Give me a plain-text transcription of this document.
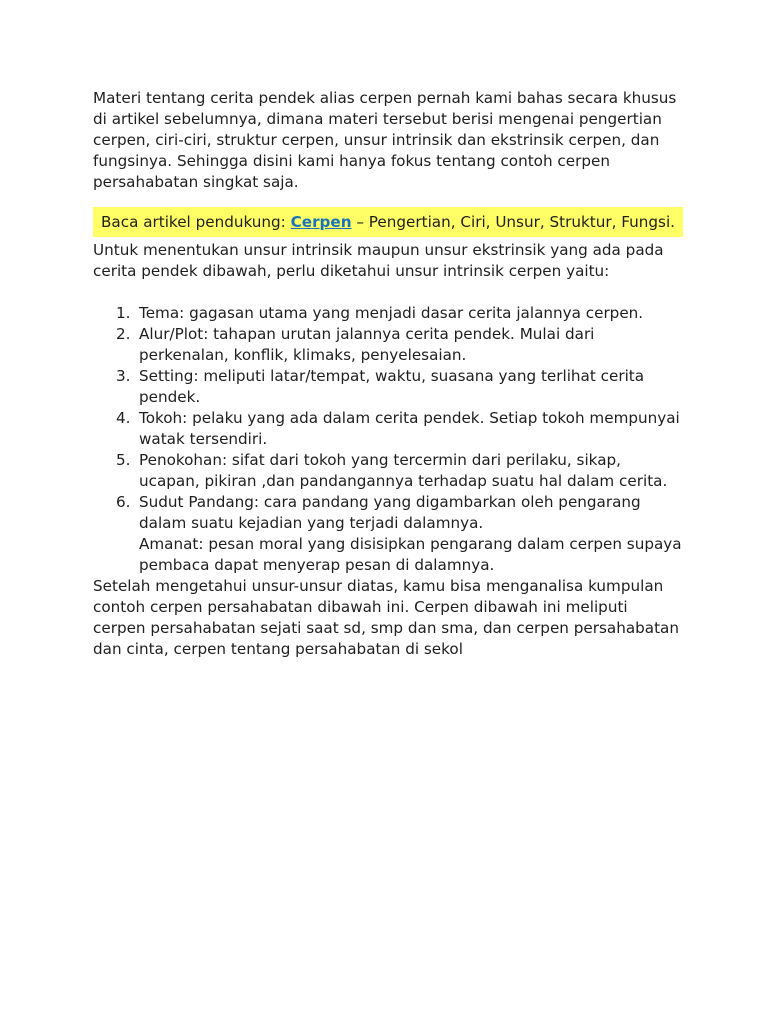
Materi tentang cerita pendek alias cerpen pernah kami bahas secara khusus di artikel sebelumnya, dimana materi tersebut berisi mengenai pengertian cerpen, ciri-ciri, struktur cerpen, unsur intrinsik dan ekstrinsik cerpen, dan fungsinya. Sehingga disini kami hanya fokus tentang contoh cerpen persahabatan singkat saja.

Baca artikel pendukung: Cerpen – Pengertian, Ciri, Unsur, Struktur, Fungsi.

Untuk menentukan unsur intrinsik maupun unsur ekstrinsik yang ada pada cerita pendek dibawah, perlu diketahui unsur intrinsik cerpen yaitu:

1. Tema: gagasan utama yang menjadi dasar cerita jalannya cerpen.
2. Alur/Plot: tahapan urutan jalannya cerita pendek. Mulai dari perkenalan, konflik, klimaks, penyelesaian.
3. Setting: meliputi latar/tempat, waktu, suasana yang terlihat cerita pendek.
4. Tokoh: pelaku yang ada dalam cerita pendek. Setiap tokoh mempunyai watak tersendiri.
5. Penokohan: sifat dari tokoh yang tercermin dari perilaku, sikap, ucapan, pikiran ,dan pandangannya terhadap suatu hal dalam cerita.
6. Sudut Pandang: cara pandang yang digambarkan oleh pengarang dalam suatu kejadian yang terjadi dalamnya.
Amanat: pesan moral yang disisipkan pengarang dalam cerpen supaya pembaca dapat menyerap pesan di dalamnya.

Setelah mengetahui unsur-unsur diatas, kamu bisa menganalisa kumpulan contoh cerpen persahabatan dibawah ini. Cerpen dibawah ini meliputi cerpen persahabatan sejati saat sd, smp dan sma, dan cerpen persahabatan dan cinta, cerpen tentang persahabatan di sekol
